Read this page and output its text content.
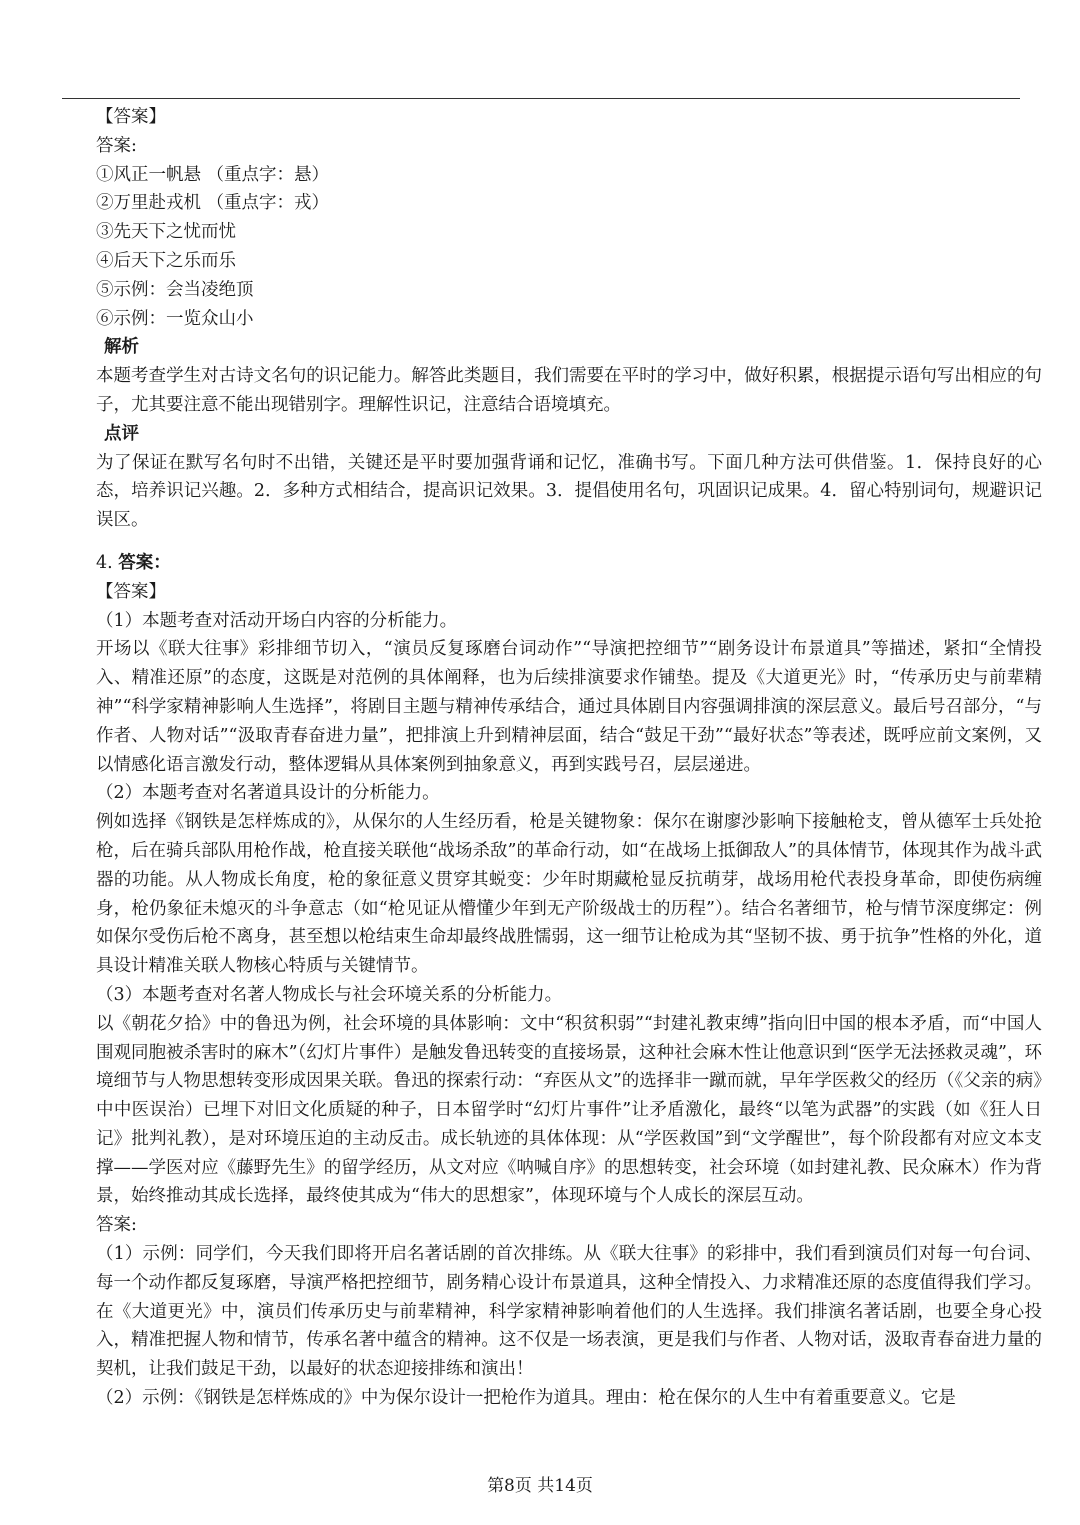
【答案】

答案:

①风正一帆悬 （重点字：悬）

②万里赴戎机 （重点字：戎）

③先天下之忧而忧

④后天下之乐而乐

⑤示例：会当凌绝顶

⑥示例：一览众山小

解析

本题考查学生对古诗文名句的识记能力。解答此类题目，我们需要在平时的学习中，做好积累，根据提示语句写出相应的句子，尤其要注意不能出现错别字。理解性识记，注意结合语境填充。

点评

为了保证在默写名句时不出错，关键还是平时要加强背诵和记忆，准确书写。下面几种方法可供借鉴。1．保持良好的心态，培养识记兴趣。2．多种方式相结合，提高识记效果。3．提倡使用名句，巩固识记成果。4．留心特别词句，规避识记误区。

4. 答案：

【答案】

（1）本题考查对活动开场白内容的分析能力。

开场以《联大往事》彩排细节切入，“演员反复琢磨台词动作”“导演把控细节”“剧务设计布景道具”等描述，紧扣“全情投入、精准还原”的态度，这既是对范例的具体阐释，也为后续排演要求作铺垫。提及《大道更光》时，“传承历史与前辈精神”“科学家精神影响人生选择”，将剧目主题与精神传承结合，通过具体剧目内容强调排演的深层意义。最后号召部分，“与作者、人物对话”“汲取青春奋进力量”，把排演上升到精神层面，结合“鼓足干劲”“最好状态”等表述，既呼应前文案例，又以情感化语言激发行动，整体逻辑从具体案例到抽象意义，再到实践号召，层层递进。

（2）本题考查对名著道具设计的分析能力。

例如选择《钢铁是怎样炼成的》，从保尔的人生经历看，枪是关键物象：保尔在谢廖沙影响下接触枪支，曾从德军士兵处抢枪，后在骑兵部队用枪作战，枪直接关联他“战场杀敌”的革命行动，如“在战场上抵御敌人”的具体情节，体现其作为战斗武器的功能。从人物成长角度，枪的象征意义贯穿其蜕变：少年时期藏枪显反抗萌芽，战场用枪代表投身革命，即使伤病缠身，枪仍象征未熄灭的斗争意志（如“枪见证从懵懂少年到无产阶级战士的历程”）。结合名著细节，枪与情节深度绑定：例如保尔受伤后枪不离身，甚至想以枪结束生命却最终战胜懦弱，这一细节让枪成为其“坚韧不拔、勇于抗争”性格的外化，道具设计精准关联人物核心特质与关键情节。

（3）本题考查对名著人物成长与社会环境关系的分析能力。

以《朝花夕拾》中的鲁迅为例，社会环境的具体影响：文中“积贫积弱”“封建礼教束缚”指向旧中国的根本矛盾，而“中国人围观同胞被杀害时的麻木”（幻灯片事件）是触发鲁迅转变的直接场景，这种社会麻木性让他意识到“医学无法拯救灵魂”，环境细节与人物思想转变形成因果关联。鲁迅的探索行动：“弃医从文”的选择非一蹴而就，早年学医救父的经历（《父亲的病》中中医误治）已埋下对旧文化质疑的种子，日本留学时“幻灯片事件”让矛盾激化，最终“以笔为武器”的实践（如《狂人日记》批判礼教），是对环境压迫的主动反击。成长轨迹的具体体现：从“学医救国”到“文学醒世”，每个阶段都有对应文本支撑——学医对应《藤野先生》的留学经历，从文对应《呐喊自序》的思想转变，社会环境（如封建礼教、民众麻木）作为背景，始终推动其成长选择，最终使其成为“伟大的思想家”，体现环境与个人成长的深层互动。

答案:

（1）示例：同学们，今天我们即将开启名著话剧的首次排练。从《联大往事》的彩排中，我们看到演员们对每一句台词、每一个动作都反复琢磨，导演严格把控细节，剧务精心设计布景道具，这种全情投入、力求精准还原的态度值得我们学习。在《大道更光》中，演员们传承历史与前辈精神，科学家精神影响着他们的人生选择。我们排演名著话剧，也要全身心投入，精准把握人物和情节，传承名著中蕴含的精神。这不仅是一场表演，更是我们与作者、人物对话，汲取青春奋进力量的契机，让我们鼓足干劲，以最好的状态迎接排练和演出！

（2）示例：《钢铁是怎样炼成的》中为保尔设计一把枪作为道具。理由：枪在保尔的人生中有着重要意义。它是

第8页 共14页
